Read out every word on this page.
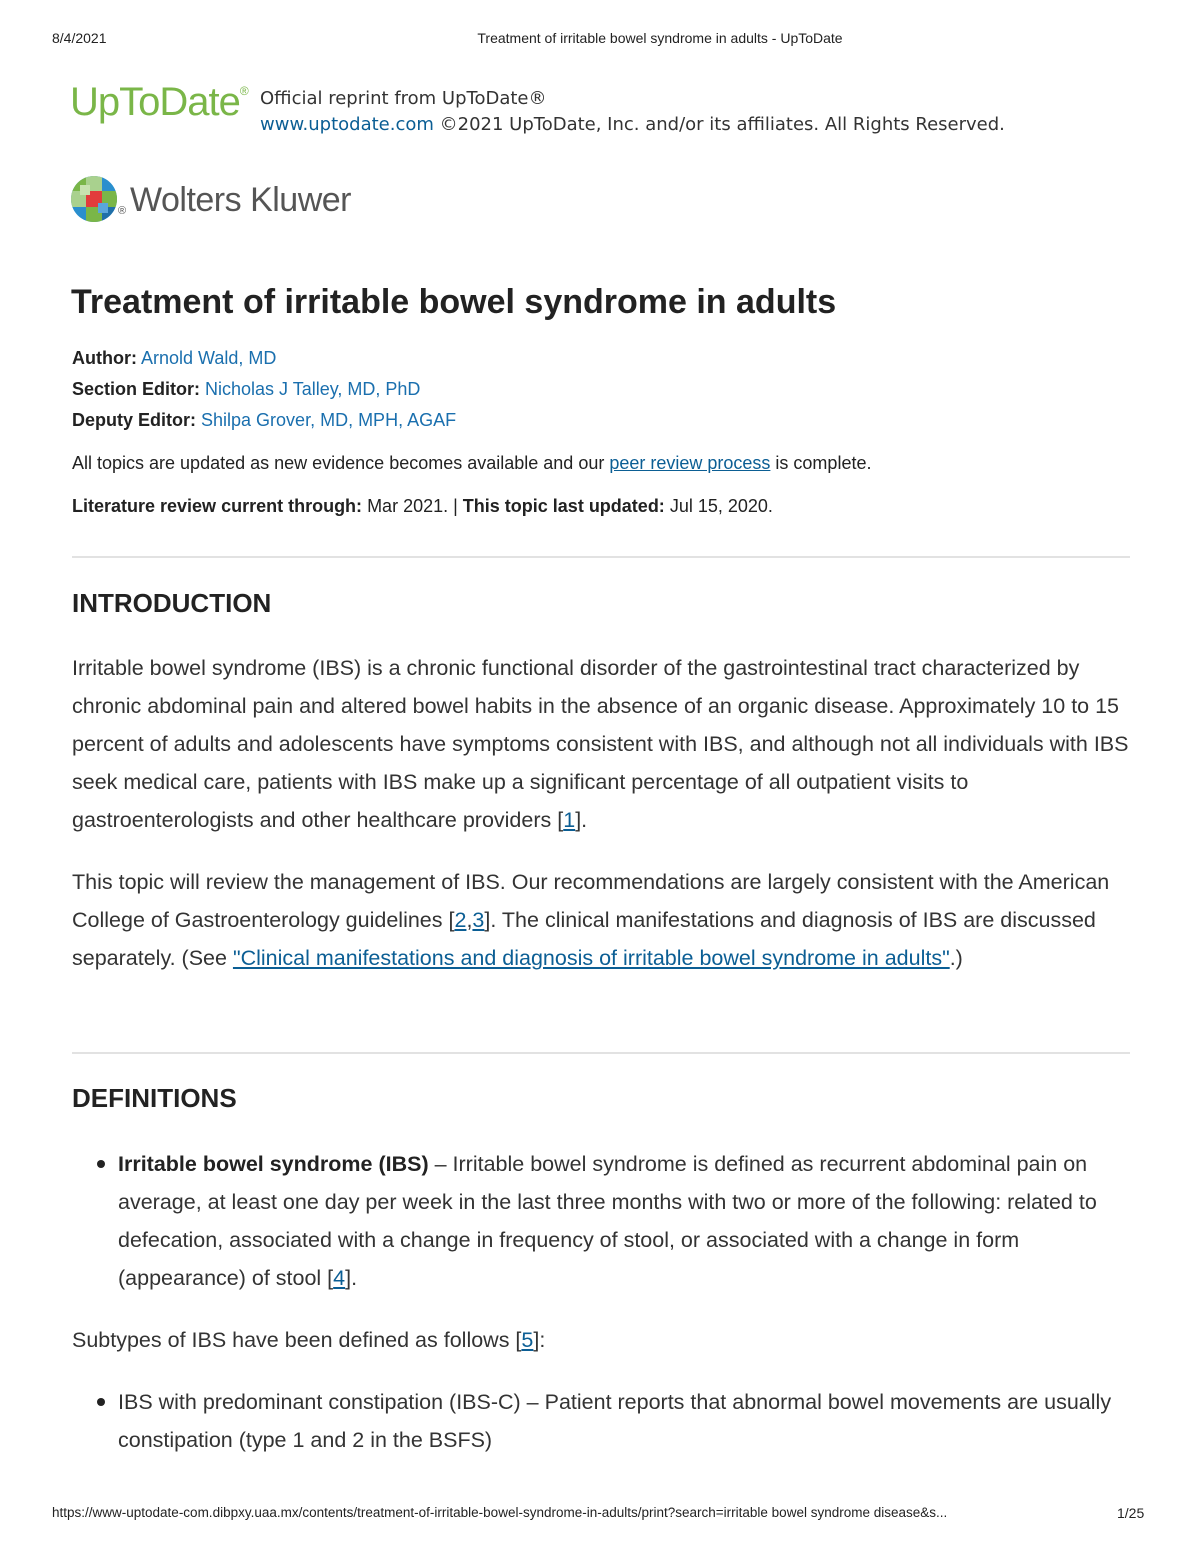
8/4/2021	Treatment of irritable bowel syndrome in adults - UpToDate
UpToDate® Official reprint from UpToDate®
www.uptodate.com ©2021 UpToDate, Inc. and/or its affiliates. All Rights Reserved.
® Wolters Kluwer
Treatment of irritable bowel syndrome in adults
Author: Arnold Wald, MD
Section Editor: Nicholas J Talley, MD, PhD
Deputy Editor: Shilpa Grover, MD, MPH, AGAF
All topics are updated as new evidence becomes available and our peer review process is complete.
Literature review current through: Mar 2021. | This topic last updated: Jul 15, 2020.
INTRODUCTION

Irritable bowel syndrome (IBS) is a chronic functional disorder of the gastrointestinal tract characterized by chronic abdominal pain and altered bowel habits in the absence of an organic disease. Approximately 10 to 15 percent of adults and adolescents have symptoms consistent with IBS, and although not all individuals with IBS seek medical care, patients with IBS make up a significant percentage of all outpatient visits to gastroenterologists and other healthcare providers [1].

This topic will review the management of IBS. Our recommendations are largely consistent with the American College of Gastroenterology guidelines [2,3]. The clinical manifestations and diagnosis of IBS are discussed separately. (See "Clinical manifestations and diagnosis of irritable bowel syndrome in adults".)

DEFINITIONS

Irritable bowel syndrome (IBS) – Irritable bowel syndrome is defined as recurrent abdominal pain on average, at least one day per week in the last three months with two or more of the following: related to defecation, associated with a change in frequency of stool, or associated with a change in form (appearance) of stool [4].

Subtypes of IBS have been defined as follows [5]:

IBS with predominant constipation (IBS-C) – Patient reports that abnormal bowel movements are usually constipation (type 1 and 2 in the BSFS)

https://www-uptodate-com.dibpxy.uaa.mx/contents/treatment-of-irritable-bowel-syndrome-in-adults/print?search=irritable bowel syndrome disease&s...	1/25
